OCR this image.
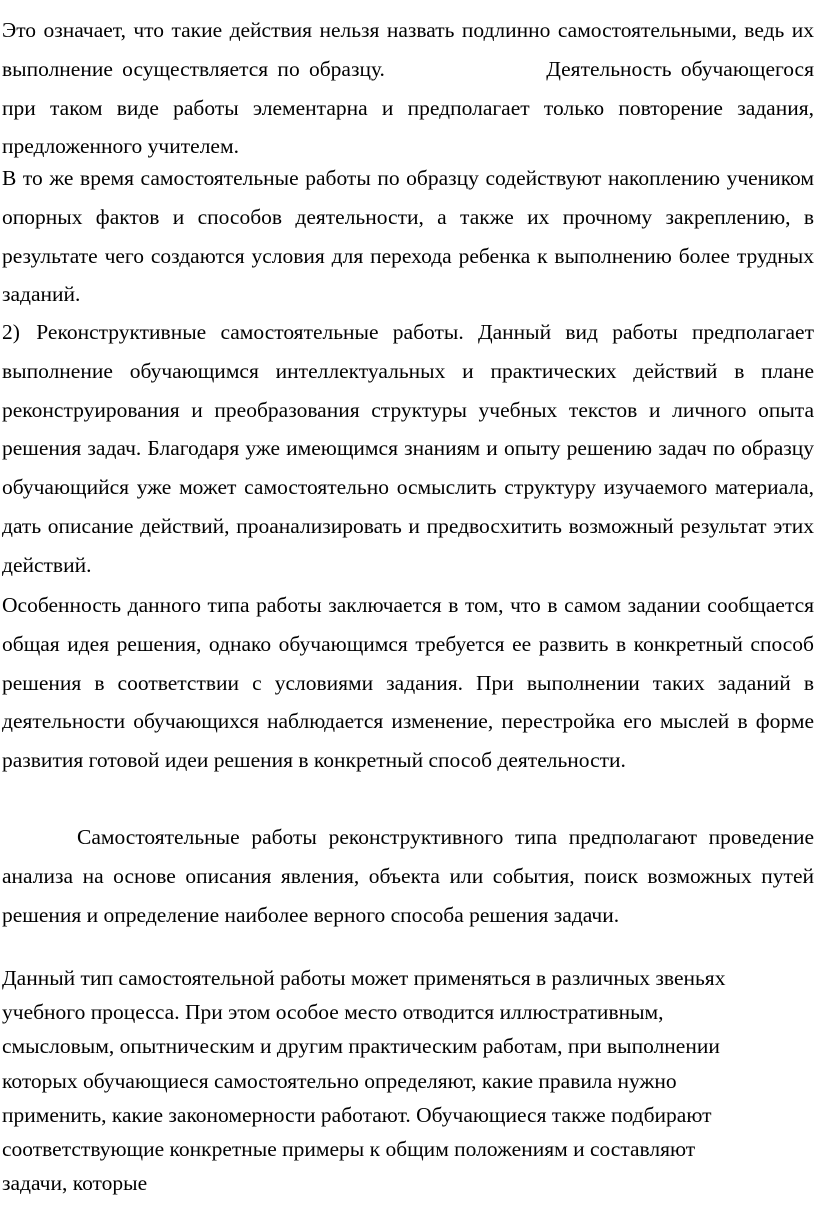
Это означает, что такие действия нельзя назвать подлинно самостоятельными, ведь их выполнение осуществляется по образцу.	Деятельность обучающегося при таком виде работы элементарна и предполагает только повторение задания, предложенного учителем.

В то же время самостоятельные работы по образцу содействуют накоплению учеником опорных фактов и способов деятельности, а также их прочному закреплению, в результате чего создаются условия для перехода ребенка к выполнению более трудных заданий.

2) Реконструктивные самостоятельные работы. Данный вид работы предполагает выполнение обучающимся интеллектуальных и практических действий в плане реконструирования и преобразования структуры учебных текстов и личного опыта решения задач. Благодаря уже имеющимся знаниям и опыту решению задач по образцу обучающийся уже может самостоятельно осмыслить структуру изучаемого материала, дать описание действий, проанализировать и предвосхитить возможный результат этих действий.

Особенность данного типа работы заключается в том, что в самом задании сообщается общая идея решения, однако обучающимся требуется ее развить в конкретный способ решения в соответствии с условиями задания. При выполнении таких заданий в деятельности обучающихся наблюдается изменение, перестройка его мыслей в форме развития готовой идеи решения в конкретный способ деятельности.

Самостоятельные работы реконструктивного типа предполагают проведение анализа на основе описания явления, объекта или события, поиск возможных путей решения и определение наиболее верного способа решения задачи.

Данный тип самостоятельной работы может применяться в различных звеньях учебного процесса. При этом особое место отводится иллюстративным, смысловым, опытническим и другим практическим работам, при выполнении которых обучающиеся самостоятельно определяют, какие правила нужно применить, какие закономерности работают. Обучающиеся также подбирают соответствующие конкретные примеры к общим положениям и составляют задачи, которые
